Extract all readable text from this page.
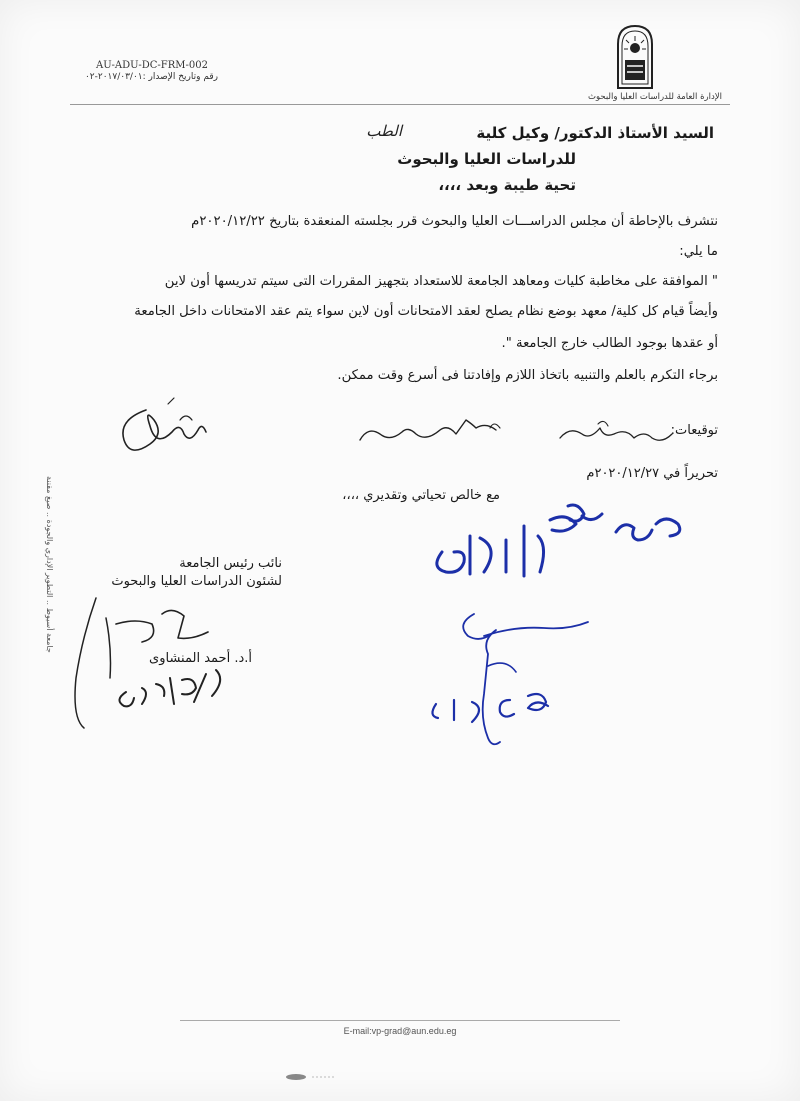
AU-ADU-DC-FRM-002
رقم وتاريخ الإصدار :٢٠١٧/٠٣/٠١-٠٢
الإدارة العامة للدراسات العليا والبحوث
السيد الأستاذ الدكتور/ وكيل كلية
الطب
للدراسات العليا والبحوث
تحية طيبة وبعد ،،،،
نتشرف بالإحاطة أن مجلس الدراســـات العليا والبحوث قرر بجلسته المنعقدة بتاريخ ٢٠٢٠/١٢/٢٢م
ما يلي:
" الموافقة على مخاطبة كليات ومعاهد الجامعة للاستعداد بتجهيز المقررات التى سيتم تدريسها أون لاين
وأيضاً قيام كل كلية/ معهد بوضع نظام يصلح لعقد الامتحانات أون لاين سواء يتم عقد الامتحانات داخل الجامعة
أو عقدها بوجود الطالب خارج الجامعة ".
برجاء التكرم بالعلم والتنبيه باتخاذ اللازم وإفادتنا فى أسرع وقت ممكن.
توقيعات:
تحريراً في ٢٠٢٠/١٢/٢٧م
مع خالص تحياتي وتقديري ،،،،
جامعة أسيوط .. التطوير الإداري والجودة .. صيغ مقننة	نائب رئيس الجامعة
لشئون الدراسات العليا والبحوث
أ.د. أحمد المنشاوى
E-mail:vp-grad@aun.edu.eg
